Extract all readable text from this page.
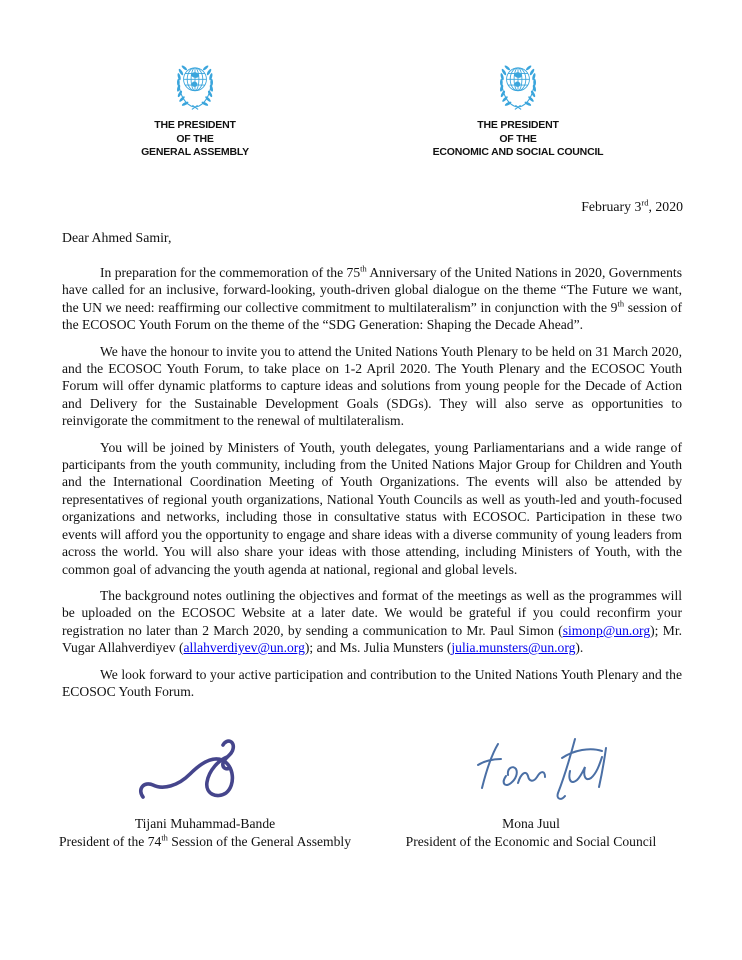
THE PRESIDENT
OF THE
GENERAL ASSEMBLY
THE PRESIDENT
OF THE
ECONOMIC AND SOCIAL COUNCIL
February 3rd, 2020
Dear Ahmed Samir,

In preparation for the commemoration of the 75th Anniversary of the United Nations in 2020, Governments have called for an inclusive, forward-looking, youth-driven global dialogue on the theme “The Future we want, the UN we need: reaffirming our collective commitment to multilateralism” in conjunction with the 9th session of the ECOSOC Youth Forum on the theme of the “SDG Generation: Shaping the Decade Ahead”.

We have the honour to invite you to attend the United Nations Youth Plenary to be held on 31 March 2020, and the ECOSOC Youth Forum, to take place on 1-2 April 2020. The Youth Plenary and the ECOSOC Youth Forum will offer dynamic platforms to capture ideas and solutions from young people for the Decade of Action and Delivery for the Sustainable Development Goals (SDGs). They will also serve as opportunities to reinvigorate the commitment to the renewal of multilateralism.

You will be joined by Ministers of Youth, youth delegates, young Parliamentarians and a wide range of participants from the youth community, including from the United Nations Major Group for Children and Youth and the International Coordination Meeting of Youth Organizations. The events will also be attended by representatives of regional youth organizations, National Youth Councils as well as youth-led and youth-focused organizations and networks, including those in consultative status with ECOSOC. Participation in these two events will afford you the opportunity to engage and share ideas with a diverse community of young leaders from across the world. You will also share your ideas with those attending, including Ministers of Youth, with the common goal of advancing the youth agenda at national, regional and global levels.

The background notes outlining the objectives and format of the meetings as well as the programmes will be uploaded on the ECOSOC Website at a later date. We would be grateful if you could reconfirm your registration no later than 2 March 2020, by sending a communication to Mr. Paul Simon (simonp@un.org); Mr. Vugar Allahverdiyev (allahverdiyev@un.org); and Ms. Julia Munsters (julia.munsters@un.org).

We look forward to your active participation and contribution to the United Nations Youth Plenary and the ECOSOC Youth Forum.

Tijani Muhammad-Bande
President of the 74th Session of the General Assembly
Mona Juul
President of the Economic and Social Council
